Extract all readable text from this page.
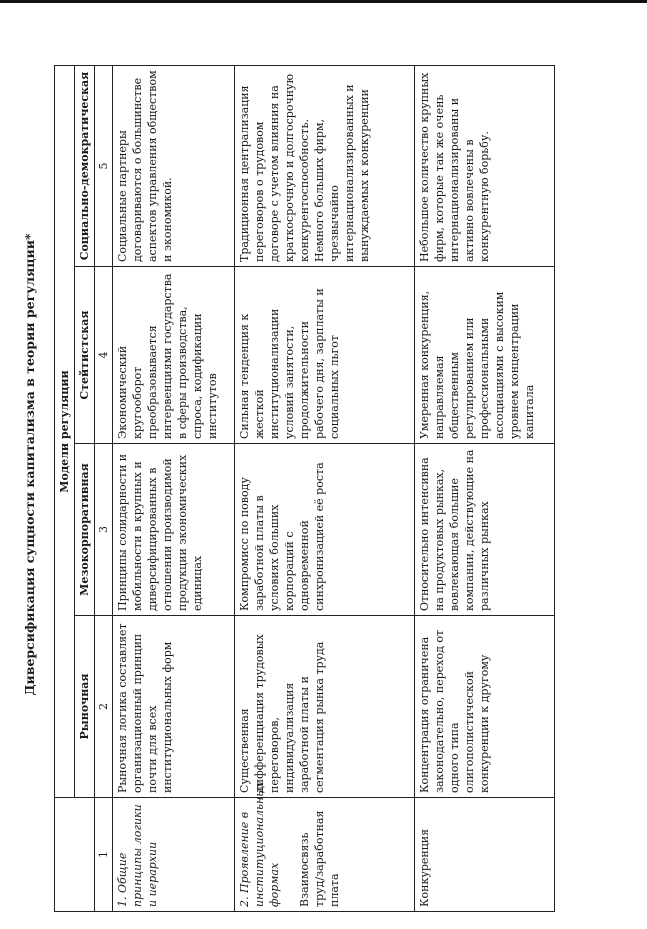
Диверсификация сущности капитализма в теории регуляции*
	Модели регуляции			
	Рыночная	Мезокорпоративная	Стейтистская	Социально-демократическая
1	2	3	4	5
1. Общие принципы логики и иерархии	Рыночная логика составляет организационный принцип почти для всех институциональных форм	Принципы солидарности и мобильности в крупных и диверсифицированных в отношении производимой продукции экономических единицах	Экономический кругооборот преобразовывается интервенциями государства в сферы производства, спроса, кодификации институтов	Социальные партнеры договариваются о большинстве аспектов управления обществом и экономикой.
2. Проявление в институциональных формах Взаимосвязь труд/заработная плата	Существенная дифференциация трудовых переговоров, индивидуализация заработной платы и сегментация рынка труда	Компромисс по поводу заработной платы в условиях больших корпораций с одновременной синхронизацией её роста	Сильная тенденция к жесткой институционализации условий занятости, продолжительности рабочего дня, зарплаты и социальных льгот	Традиционная централизация переговоров о трудовом договоре с учетом влияния на краткосрочную и долгосрочную конкурентоспособность. Немного больших фирм, чрезвычайно интернационализированных и вынуждаемых к конкуренции
Конкуренция	Концентрация ограничена законодательно, переход от одного типа олигополистической конкуренции к другому	Относительно интенсивна на продуктовых рынках, вовлекающая большие компании, действующие на различных рынках	Умеренная конкуренция, направляемая общественным регулированием или профессиональными ассоциациями с высоким уровнем концентрации капитала	Небольшое количество крупных фирм, которые так же очень интернационализированы и активно вовлечены в конкурентную борьбу.
